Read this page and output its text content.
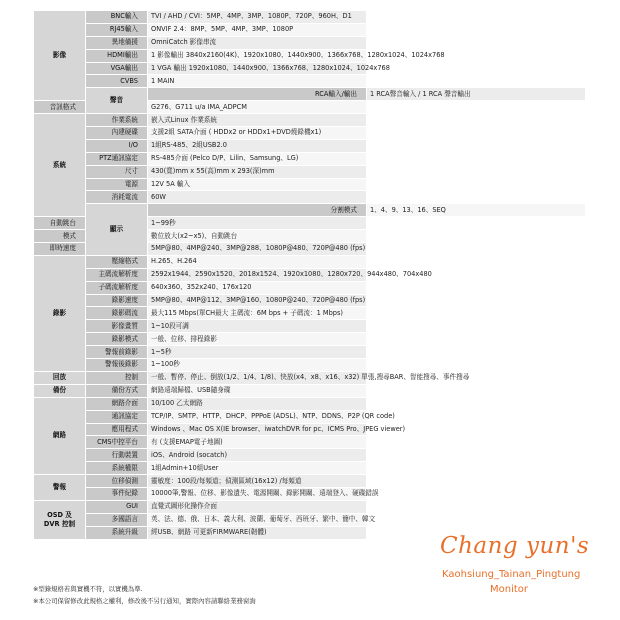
影像	BNC輸入	TVI / AHD / CVI：5MP、4MP、3MP、1080P、720P、960H、D1	
	RJ45輸入	ONVIF 2.4：8MP、5MP、4MP、3MP、1080P	
	異地備援	OmniCatch 影像串流	
	HDMI輸出	1 影像輸出 3840x2160(4K)、1920x1080、1440x900、1366x768、1280x1024、1024x768	
	VGA輸出	1 VGA 輸出 1920x1080、1440x900、1366x768、1280x1024、1024x768	
	CVBS	1 MAIN	
	聲音	RCA輸入/輸出	1 RCA聲音輸入 / 1 RCA 聲音輸出
音訊格式		G276、G711 u/a IMA_ADPCM	
系統	作業系統	嵌入式Linux 作業系統	
	內建硬碟	支援2組 SATA介面 ( HDDx2 or HDDx1+DVD燒錄機x1)	
	I/O	1組RS-485、2組USB2.0	
	PTZ通訊協定	RS-485介面 (Pelco D/P、Lilin、Samsung、LG)	
	尺寸	430(寬)mm x 55(高)mm x 293(深)mm	
	電源	12V 5A 輸入	
	消耗電流	60W	
	顯示	分割模式	1、4、9、13、16、SEQ
自動跳台		1~99秒	
模式		數位放大(x2~x5)、自動跳台	
即時速度		5MP@80、4MP@240、3MP@288、1080P@480、720P@480 (fps)	
錄影	壓縮格式	H.265、H.264	
	主碼流解析度	2592x1944、2590x1520、2018x1524、1920x1080、1280x720、944x480、704x480	
	子碼流解析度	640x360、352x240、176x120	
	錄影速度	5MP@80、4MP@112、3MP@160、1080P@240、720P@480 (fps)	
	錄影碼流	最大115 Mbps(單CH最大 主碼流：6M bps + 子碼流：1 Mbps)	
	影像畫質	1~10段可調	
	錄影模式	一般、位移、排程錄影	
	警報前錄影	1~5秒	
	警報後錄影	1~100秒	
回放	控制	一般、暫停、停止、倒放(1/2、1/4、1/8)、快放(x4、x8、x16、x32) 單張,搜尋BAR、智能搜尋、事件搜尋	
備份	備份方式	網路遠端歸檔、USB隨身碟	
網路	網路介面	10/100 乙太網路	
	通訊協定	TCP/IP、SMTP、HTTP、DHCP、PPPoE (ADSL)、NTP、DDNS、P2P (QR code)	
	應用程式	Windows 、Mac OS X(IE browser、iwatchDVR for pc、ICMS Pro、JPEG viewer)	
	CMS中控平台	有 (支援EMAP電子地圖)	
	行動裝置	iOS、Android (socatch)	
	系統權限	1組Admin+10組User	
警報	位移偵測	靈敏度：100段/每頻道；偵測區域(16x12) /每頻道	
	事件紀錄	10000筆,警報、位移、影像遺失、電源開關、錄影開關、遠端登入、硬碟錯誤	
OSD 及
DVR 控制	GUI	直覺式圖形化操作介面	
	多國語言	英、法、德、俄、日本、義大利、波蘭、葡萄牙、西班牙、繁中、簡中、韓文	
	系統升級	經USB、網路 可更新FIRMWARE(韌體)	
※型錄規格若與實機不符，以實機為準.
※本公司保留修改此規格之權利，修改後不另行通知，實際內容請聯絡業務窗詢
Chang yun's
Kaohsiung_Tainan_Pingtung
Monitor
